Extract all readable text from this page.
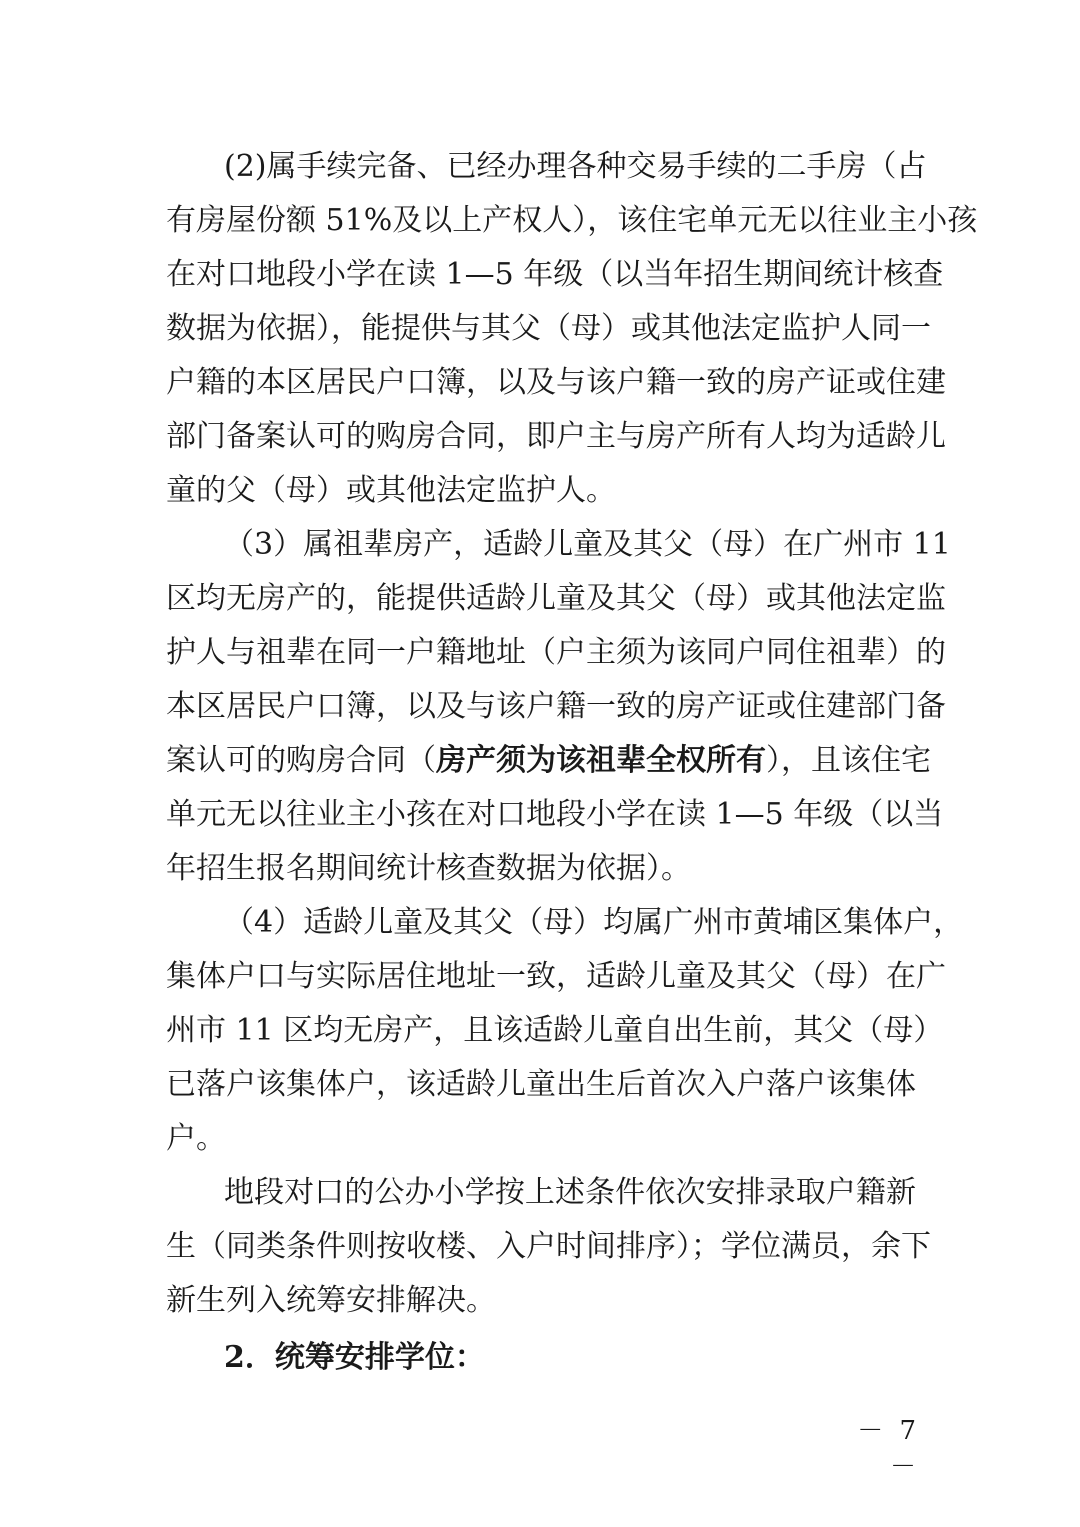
(2)属手续完备、已经办理各种交易手续的二手房（占
有房屋份额 51%及以上产权人），该住宅单元无以往业主小孩
在对口地段小学在读 1—5 年级（以当年招生期间统计核查
数据为依据），能提供与其父（母）或其他法定监护人同一
户籍的本区居民户口簿，以及与该户籍一致的房产证或住建
部门备案认可的购房合同，即户主与房产所有人均为适龄儿
童的父（母）或其他法定监护人。
（3）属祖辈房产，适龄儿童及其父（母）在广州市 11
区均无房产的，能提供适龄儿童及其父（母）或其他法定监
护人与祖辈在同一户籍地址（户主须为该同户同住祖辈）的
本区居民户口簿，以及与该户籍一致的房产证或住建部门备
案认可的购房合同（房产须为该祖辈全权所有），且该住宅
单元无以往业主小孩在对口地段小学在读 1—5 年级（以当
年招生报名期间统计核查数据为依据）。
（4）适龄儿童及其父（母）均属广州市黄埔区集体户，
集体户口与实际居住地址一致，适龄儿童及其父（母）在广
州市 11 区均无房产，且该适龄儿童自出生前，其父（母）
已落户该集体户，该适龄儿童出生后首次入户落户该集体
户。
地段对口的公办小学按上述条件依次安排录取户籍新
生（同类条件则按收楼、入户时间排序）；学位满员，余下
新生列入统筹安排解决。
2．统筹安排学位：
－ 7 －
